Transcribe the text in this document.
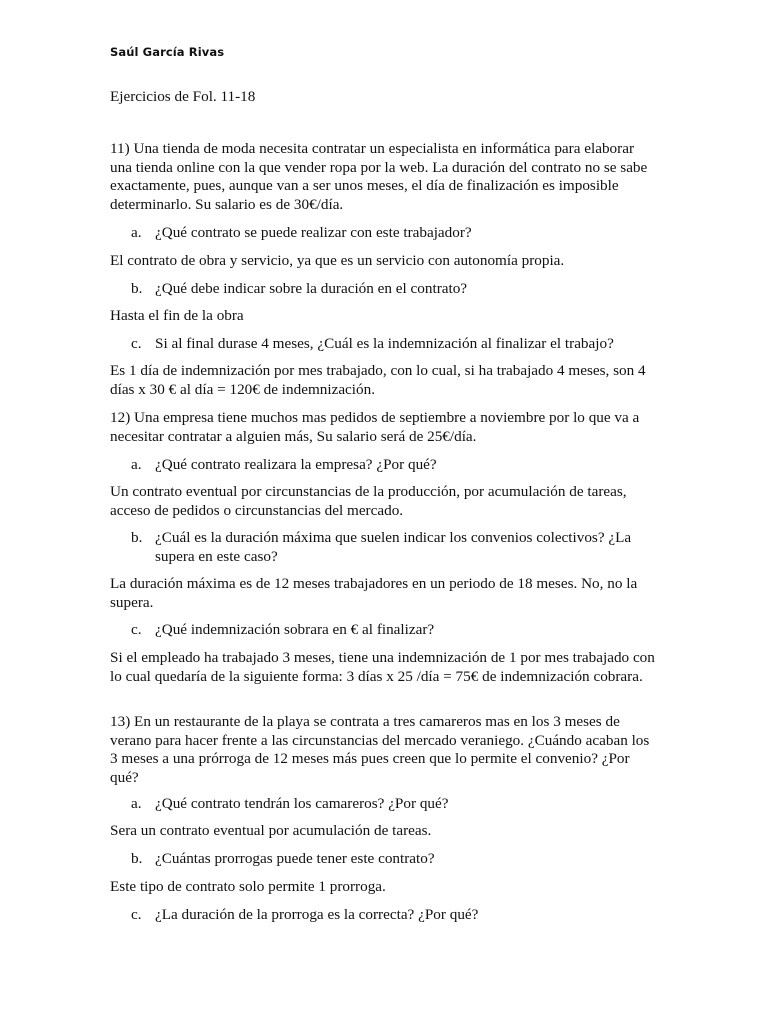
Saúl García Rivas
Ejercicios de Fol. 11-18

11) Una tienda de moda necesita contratar un especialista en informática para elaborar una tienda online con la que vender ropa por la web. La duración del contrato no se sabe exactamente, pues, aunque van a ser unos meses, el día de finalización es imposible determinarlo. Su salario es de 30€/día.

a. ¿Qué contrato se puede realizar con este trabajador?

El contrato de obra y servicio, ya que es un servicio con autonomía propia.

b. ¿Qué debe indicar sobre la duración en el contrato?

Hasta el fin de la obra

c. Si al final durase 4 meses, ¿Cuál es la indemnización al finalizar el trabajo?

Es 1 día de indemnización por mes trabajado, con lo cual, si ha trabajado 4 meses, son 4 días x 30 € al día = 120€ de indemnización.

12) Una empresa tiene muchos mas pedidos de septiembre a noviembre por lo que va a necesitar contratar a alguien más, Su salario será de 25€/día.

a. ¿Qué contrato realizara la empresa? ¿Por qué?

Un contrato eventual por circunstancias de la producción, por acumulación de tareas, acceso de pedidos o circunstancias del mercado.

b. ¿Cuál es la duración máxima que suelen indicar los convenios colectivos? ¿La supera en este caso?

La duración máxima es de 12 meses trabajadores en un periodo de 18 meses. No, no la supera.

c. ¿Qué indemnización sobrara en € al finalizar?

Si el empleado ha trabajado 3 meses, tiene una indemnización de 1 por mes trabajado con lo cual quedaría de la siguiente forma: 3 días x 25 /día = 75€ de indemnización cobrara.

13) En un restaurante de la playa se contrata a tres camareros mas en los 3 meses de verano para hacer frente a las circunstancias del mercado veraniego. ¿Cuándo acaban los 3 meses a una prórroga de 12 meses más pues creen que lo permite el convenio? ¿Por qué?

a. ¿Qué contrato tendrán los camareros? ¿Por qué?

Sera un contrato eventual por acumulación de tareas.

b. ¿Cuántas prorrogas puede tener este contrato?

Este tipo de contrato solo permite 1 prorroga.

c. ¿La duración de la prorroga es la correcta? ¿Por qué?
